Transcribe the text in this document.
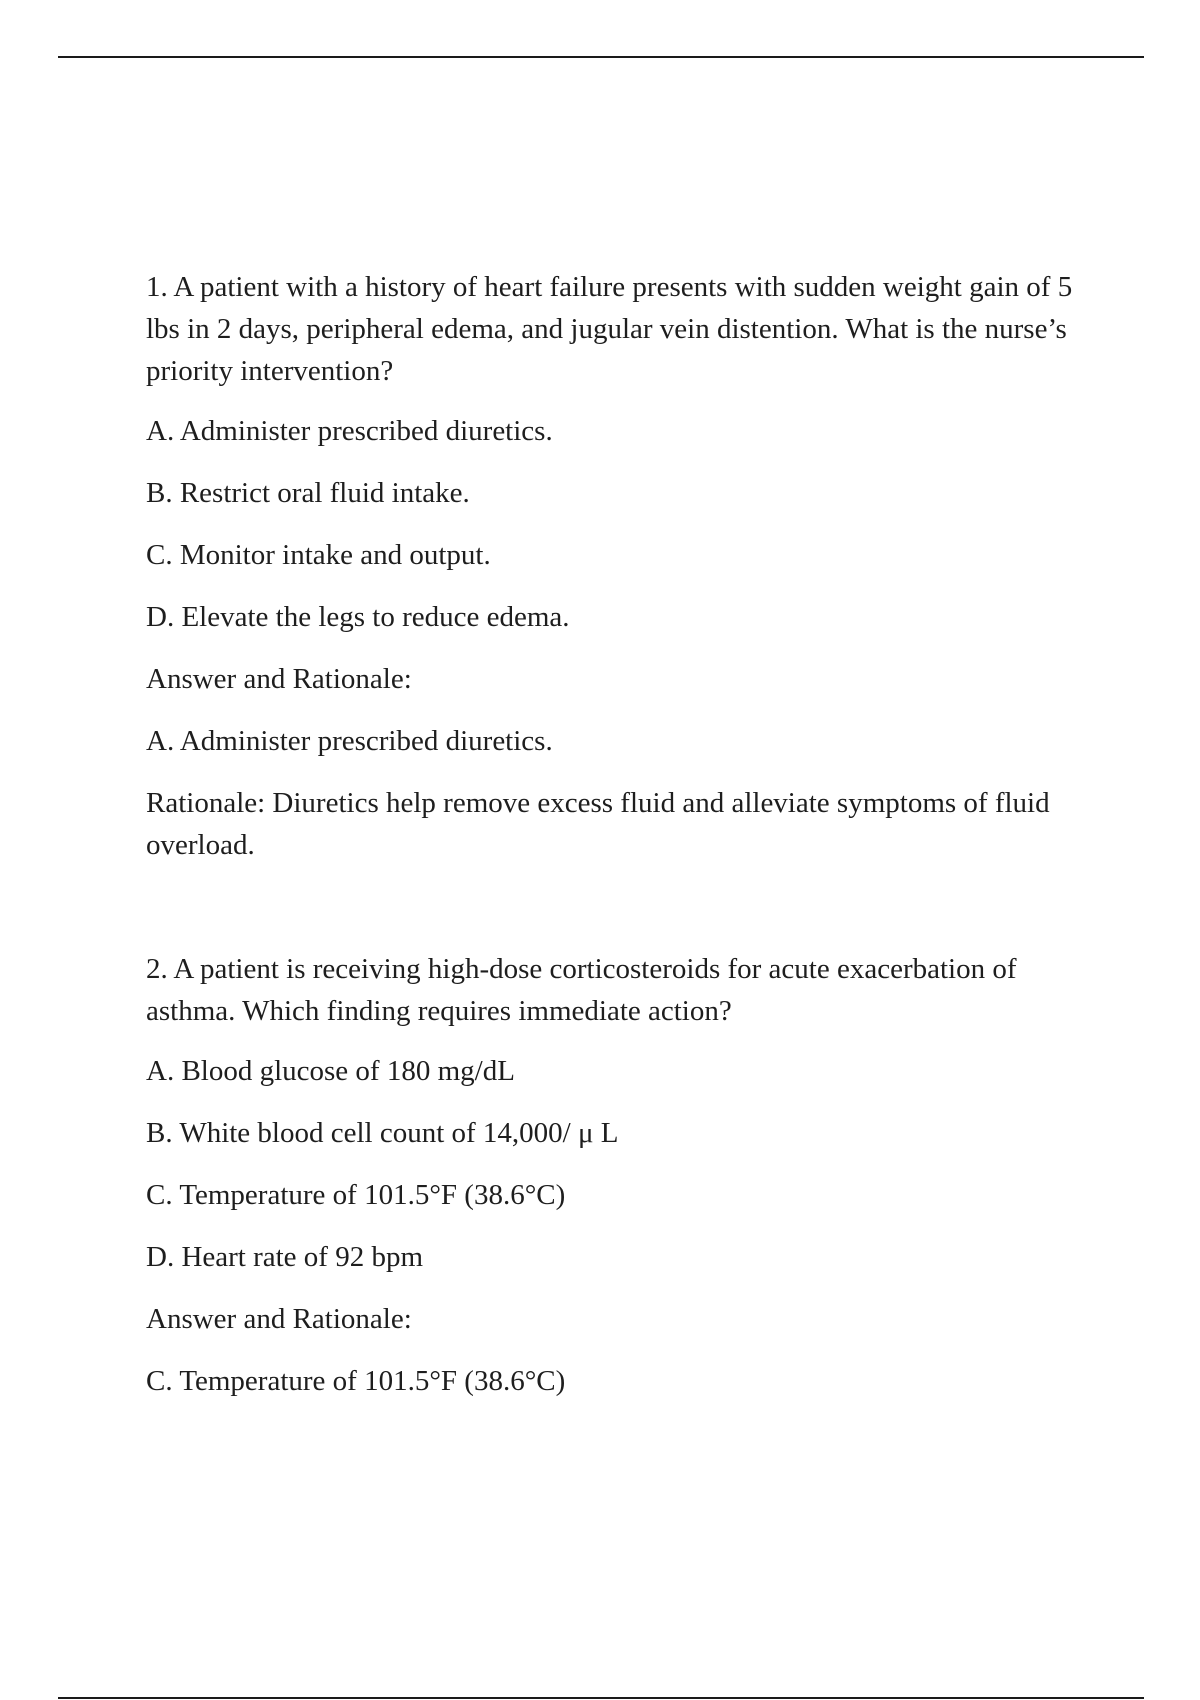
1. A patient with a history of heart failure presents with sudden weight gain of 5 lbs in 2 days, peripheral edema, and jugular vein distention. What is the nurse’s priority intervention?

A. Administer prescribed diuretics.

B. Restrict oral fluid intake.

C. Monitor intake and output.

D. Elevate the legs to reduce edema.

Answer and Rationale:

A. Administer prescribed diuretics.

Rationale: Diuretics help remove excess fluid and alleviate symptoms of fluid overload.

2. A patient is receiving high-dose corticosteroids for acute exacerbation of asthma. Which finding requires immediate action?

A. Blood glucose of 180 mg/dL

B. White blood cell count of 14,000/ μ L

C. Temperature of 101.5°F (38.6°C)

D. Heart rate of 92 bpm

Answer and Rationale:

C. Temperature of 101.5°F (38.6°C)
